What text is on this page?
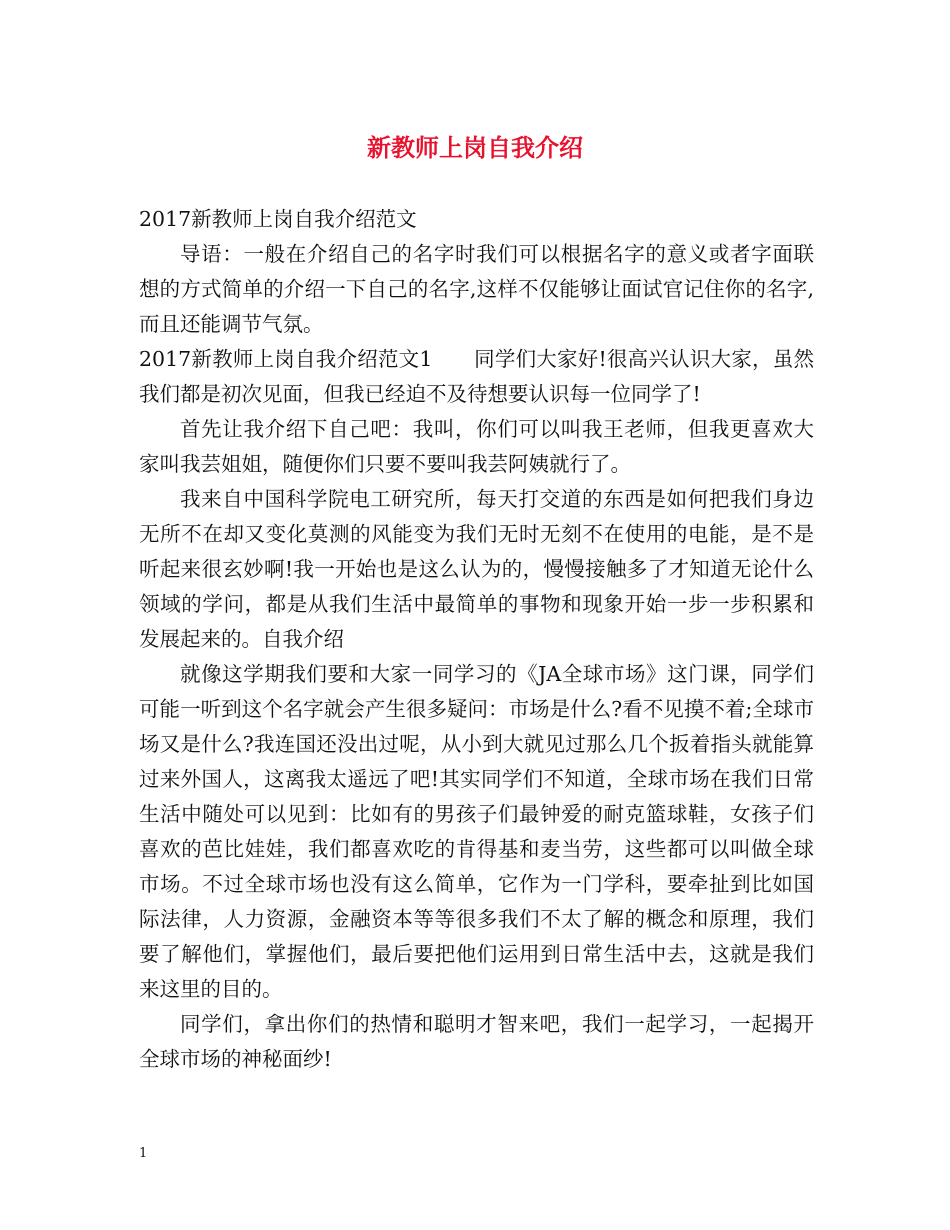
新教师上岗自我介绍

2017新教师上岗自我介绍范文

导语：一般在介绍自己的名字时我们可以根据名字的意义或者字面联想的方式简单的介绍一下自己的名字,这样不仅能够让面试官记住你的名字,而且还能调节气氛。

2017新教师上岗自我介绍范文1　　同学们大家好!很高兴认识大家，虽然我们都是初次见面，但我已经迫不及待想要认识每一位同学了!

首先让我介绍下自己吧：我叫，你们可以叫我王老师，但我更喜欢大家叫我芸姐姐，随便你们只要不要叫我芸阿姨就行了。

我来自中国科学院电工研究所，每天打交道的东西是如何把我们身边无所不在却又变化莫测的风能变为我们无时无刻不在使用的电能，是不是听起来很玄妙啊!我一开始也是这么认为的，慢慢接触多了才知道无论什么领域的学问，都是从我们生活中最简单的事物和现象开始一步一步积累和发展起来的。自我介绍

就像这学期我们要和大家一同学习的《JA全球市场》这门课，同学们可能一听到这个名字就会产生很多疑问：市场是什么?看不见摸不着;全球市场又是什么?我连国还没出过呢，从小到大就见过那么几个扳着指头就能算过来外国人，这离我太遥远了吧!其实同学们不知道，全球市场在我们日常生活中随处可以见到：比如有的男孩子们最钟爱的耐克篮球鞋，女孩子们喜欢的芭比娃娃，我们都喜欢吃的肯得基和麦当劳，这些都可以叫做全球市场。不过全球市场也没有这么简单，它作为一门学科，要牵扯到比如国际法律，人力资源，金融资本等等很多我们不太了解的概念和原理，我们要了解他们，掌握他们，最后要把他们运用到日常生活中去，这就是我们来这里的目的。

同学们，拿出你们的热情和聪明才智来吧，我们一起学习，一起揭开全球市场的神秘面纱!

1
